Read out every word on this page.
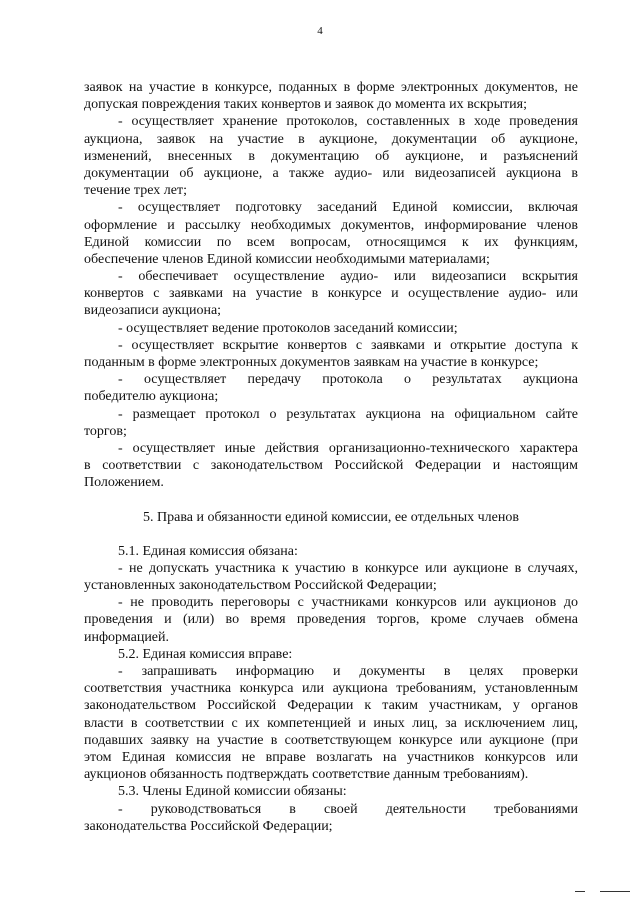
4
заявок на участие в конкурсе, поданных в форме электронных документов, не
допуская повреждения таких конвертов и заявок до момента их вскрытия;
- осуществляет хранение протоколов, составленных в ходе проведения
аукциона, заявок на участие в аукционе, документации об аукционе,
изменений, внесенных в документацию об аукционе, и разъяснений
документации об аукционе, а также аудио- или видеозаписей аукциона в
течение трех лет;
- осуществляет подготовку заседаний Единой комиссии, включая
оформление и рассылку необходимых документов, информирование членов
Единой комиссии по всем вопросам, относящимся к их функциям,
обеспечение членов Единой комиссии необходимыми материалами;
- обеспечивает осуществление аудио- или видеозаписи вскрытия
конвертов с заявками на участие в конкурсе и осуществление аудио- или
видеозаписи аукциона;
- осуществляет ведение протоколов заседаний комиссии;
- осуществляет вскрытие конвертов с заявками и открытие доступа к
поданным в форме электронных документов заявкам на участие в конкурсе;
- осуществляет передачу протокола о результатах аукциона
победителю аукциона;
- размещает протокол о результатах аукциона на официальном сайте
торгов;
- осуществляет иные действия организационно-технического характера
в соответствии с законодательством Российской Федерации и настоящим
Положением.
5. Права и обязанности единой комиссии, ее отдельных членов
5.1. Единая комиссия обязана:
- не допускать участника к участию в конкурсе или аукционе в случаях,
установленных законодательством Российской Федерации;
- не проводить переговоры с участниками конкурсов или аукционов до
проведения и (или) во время проведения торгов, кроме случаев обмена
информацией.
5.2. Единая комиссия вправе:
- запрашивать информацию и документы в целях проверки
соответствия участника конкурса или аукциона требованиям, установленным
законодательством Российской Федерации к таким участникам, у органов
власти в соответствии с их компетенцией и иных лиц, за исключением лиц,
подавших заявку на участие в соответствующем конкурсе или аукционе (при
этом Единая комиссия не вправе возлагать на участников конкурсов или
аукционов обязанность подтверждать соответствие данным требованиям).
5.3. Члены Единой комиссии обязаны:
- руководствоваться в своей деятельности требованиями
законодательства Российской Федерации;
